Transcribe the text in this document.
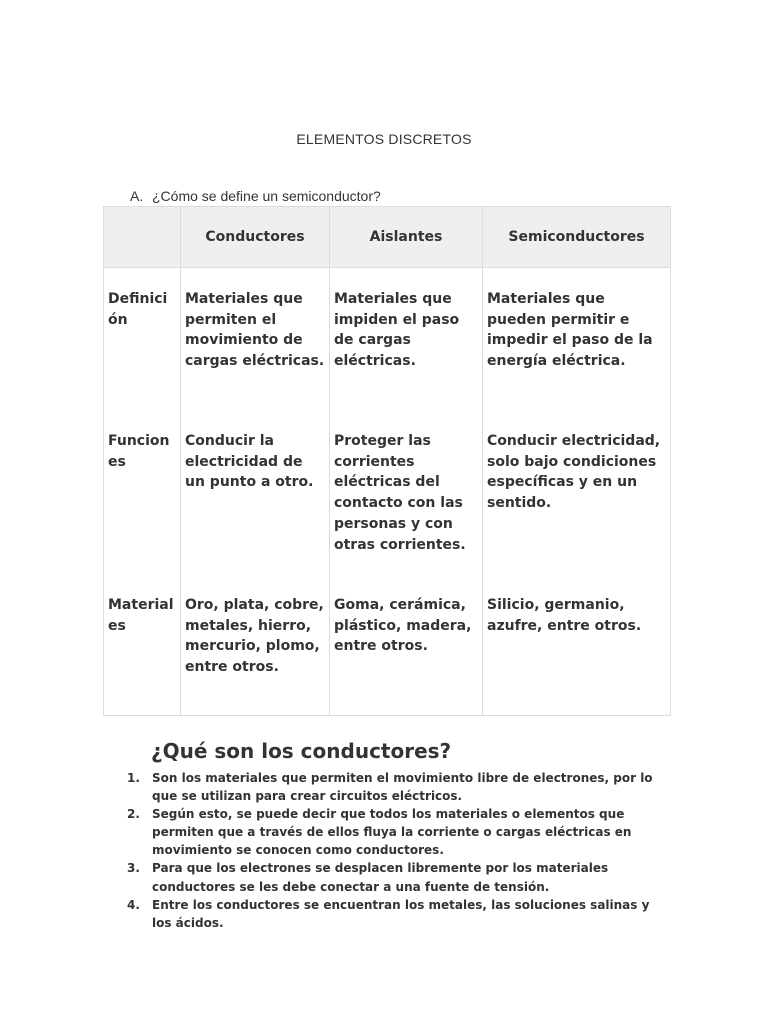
ELEMENTOS DISCRETOS
A. ¿Cómo se define un semiconductor?
	Conductores	Aislantes	Semiconductores
Definición	Materiales que permiten el movimiento de cargas eléctricas.	Materiales que impiden el paso de cargas eléctricas.	Materiales que pueden permitir e impedir el paso de la energía eléctrica.
Funciones	Conducir la electricidad de un punto a otro.	Proteger las corrientes eléctricas del contacto con las personas y con otras corrientes.	Conducir electricidad, solo bajo condiciones específicas y en un sentido.
Materiales	Oro, plata, cobre, metales, hierro, mercurio, plomo, entre otros.	Goma, cerámica, plástico, madera, entre otros.	Silicio, germanio, azufre, entre otros.
¿Qué son los conductores?
1. Son los materiales que permiten el movimiento libre de electrones, por lo que se utilizan para crear circuitos eléctricos.
2. Según esto, se puede decir que todos los materiales o elementos que permiten que a través de ellos fluya la corriente o cargas eléctricas en movimiento se conocen como conductores.
3. Para que los electrones se desplacen libremente por los materiales conductores se les debe conectar a una fuente de tensión.
4. Entre los conductores se encuentran los metales, las soluciones salinas y los ácidos.
